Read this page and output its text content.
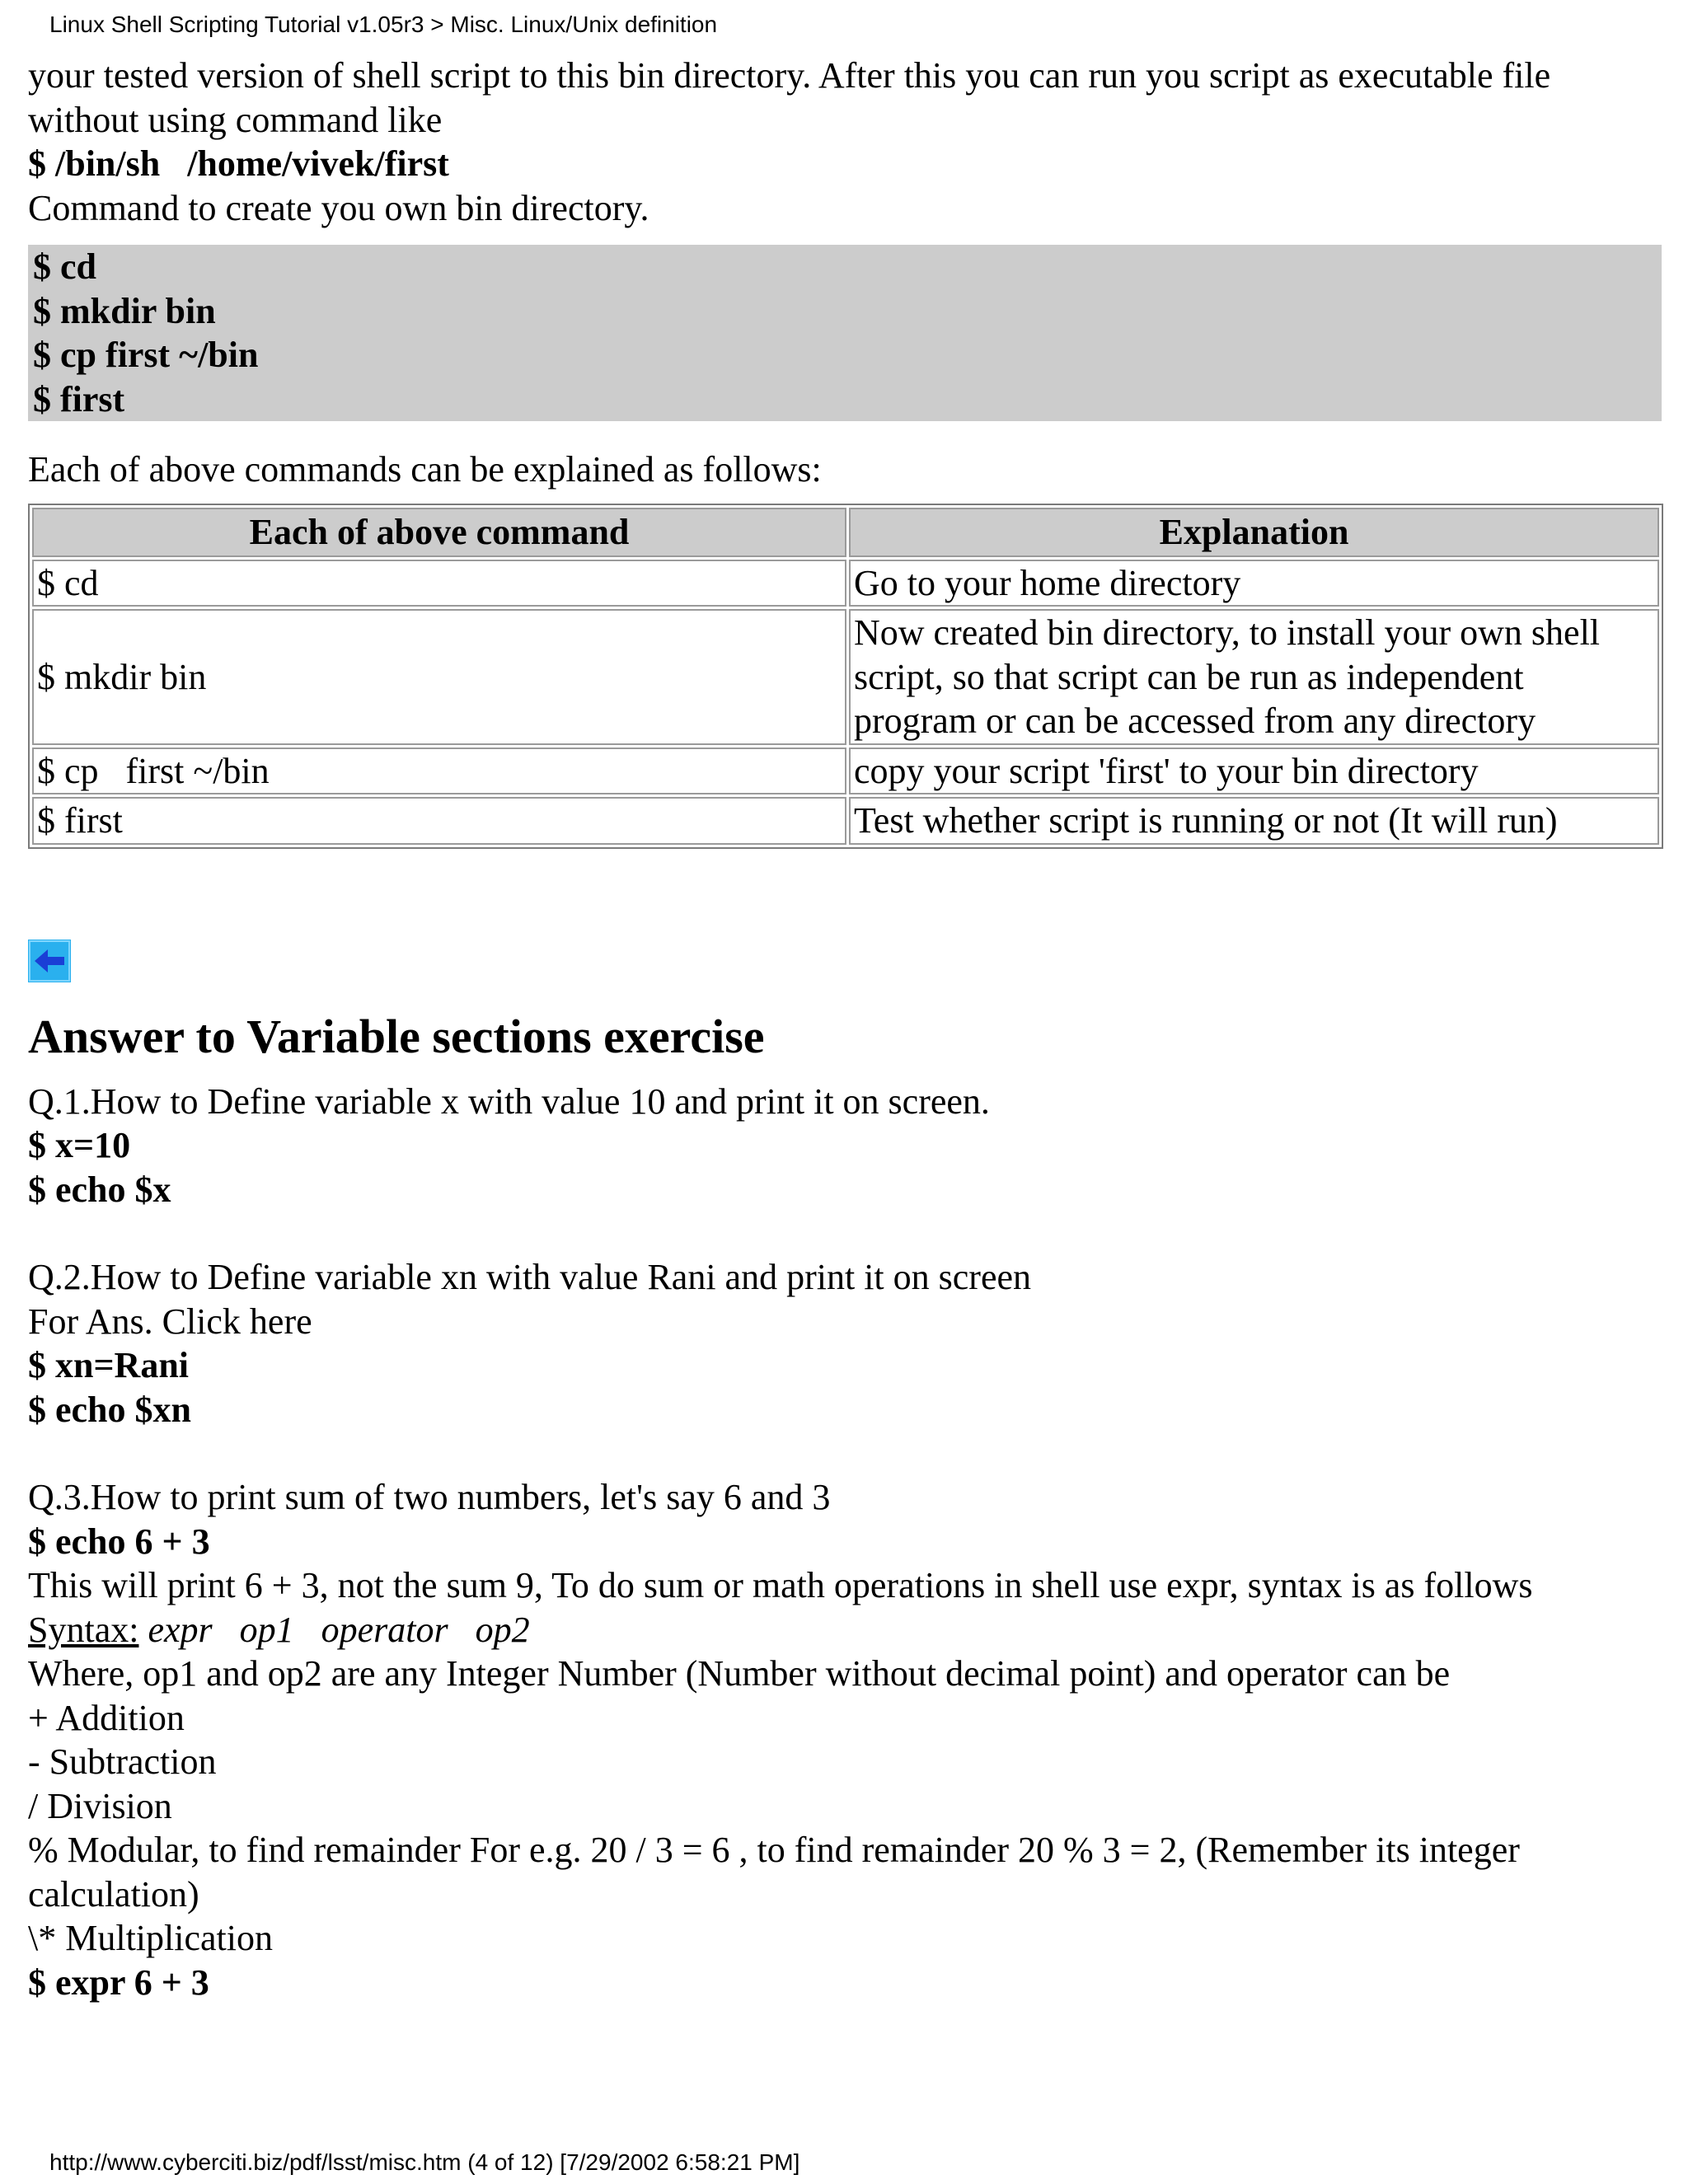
Linux Shell Scripting Tutorial v1.05r3 > Misc. Linux/Unix definition
your tested version of shell script to this bin directory. After this you can run you script as executable file
without using command like
$ /bin/sh   /home/vivek/first
Command to create you own bin directory.
$ cd
$ mkdir bin
$ cp first ~/bin
$ first
Each of above commands can be explained as follows:
Each of above command	Explanation
$ cd	Go to your home directory
$ mkdir bin	Now created bin directory, to install your own shell
script, so that script can be run as independent
program or can be accessed from any directory

$ cp   first ~/bin	copy your script 'first' to your bin directory
$ first	Test whether script is running or not (It will run)
Answer to Variable sections exercise
Q.1.How to Define variable x with value 10 and print it on screen.
$ x=10
$ echo $x
Q.2.How to Define variable xn with value Rani and print it on screen
For Ans. Click here
$ xn=Rani
$ echo $xn
Q.3.How to print sum of two numbers, let's say 6 and 3
$ echo 6 + 3
This will print 6 + 3, not the sum 9, To do sum or math operations in shell use expr, syntax is as follows
Syntax: expr   op1   operator   op2
Where, op1 and op2 are any Integer Number (Number without decimal point) and operator can be
+ Addition
- Subtraction
/ Division
% Modular, to find remainder For e.g. 20 / 3 = 6 , to find remainder 20 % 3 = 2, (Remember its integer
calculation)
\* Multiplication
$ expr 6 + 3
http://www.cyberciti.biz/pdf/lsst/misc.htm (4 of 12) [7/29/2002 6:58:21 PM]
